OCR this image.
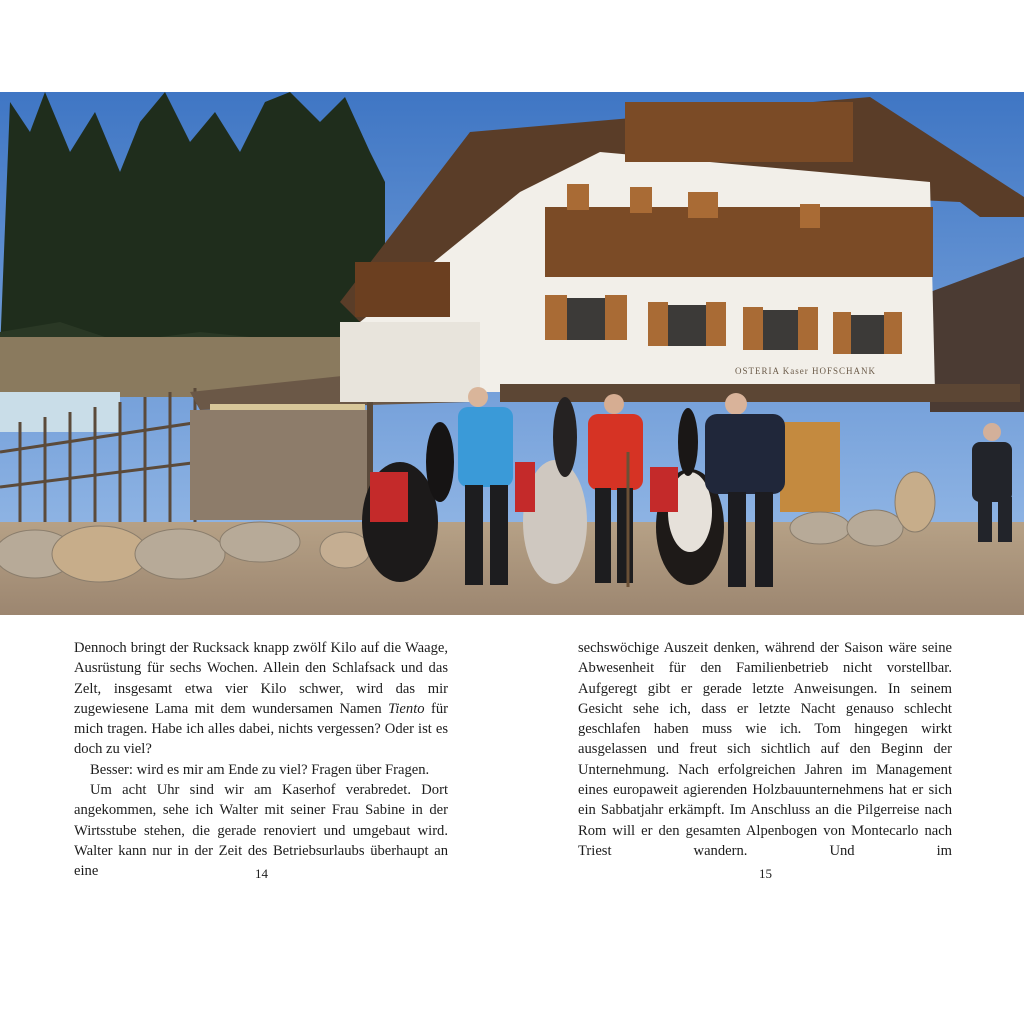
OSTERIA Kaser HOFSCHANK

Dennoch bringt der Rucksack knapp zwölf Kilo auf die Waage, Ausrüstung für sechs Wochen. Allein den Schlafsack und das Zelt, insgesamt etwa vier Kilo schwer, wird das mir zugewiesene Lama mit dem wundersamen Namen Tiento für mich tragen. Habe ich alles dabei, nichts vergessen? Oder ist es doch zu viel?

Besser: wird es mir am Ende zu viel? Fragen über Fragen.

Um acht Uhr sind wir am Kaserhof verabredet. Dort angekommen, sehe ich Walter mit seiner Frau Sabine in der Wirtsstube stehen, die gerade renoviert und umgebaut wird. Walter kann nur in der Zeit des Betriebsurlaubs überhaupt an eine

sechswöchige Auszeit denken, während der Saison wäre seine Abwesenheit für den Familienbetrieb nicht vorstellbar. Aufgeregt gibt er gerade letzte Anweisungen. In seinem Gesicht sehe ich, dass er letzte Nacht genauso schlecht geschlafen haben muss wie ich. Tom hingegen wirkt ausgelassen und freut sich sichtlich auf den Beginn der Unternehmung. Nach erfolgreichen Jahren im Management eines europaweit agierenden Holzbauunternehmens hat er sich ein Sabbatjahr erkämpft. Im Anschluss an die Pilgerreise nach Rom will er den gesamten Alpenbogen von Montecarlo nach Triest wandern. Und im

14	15
